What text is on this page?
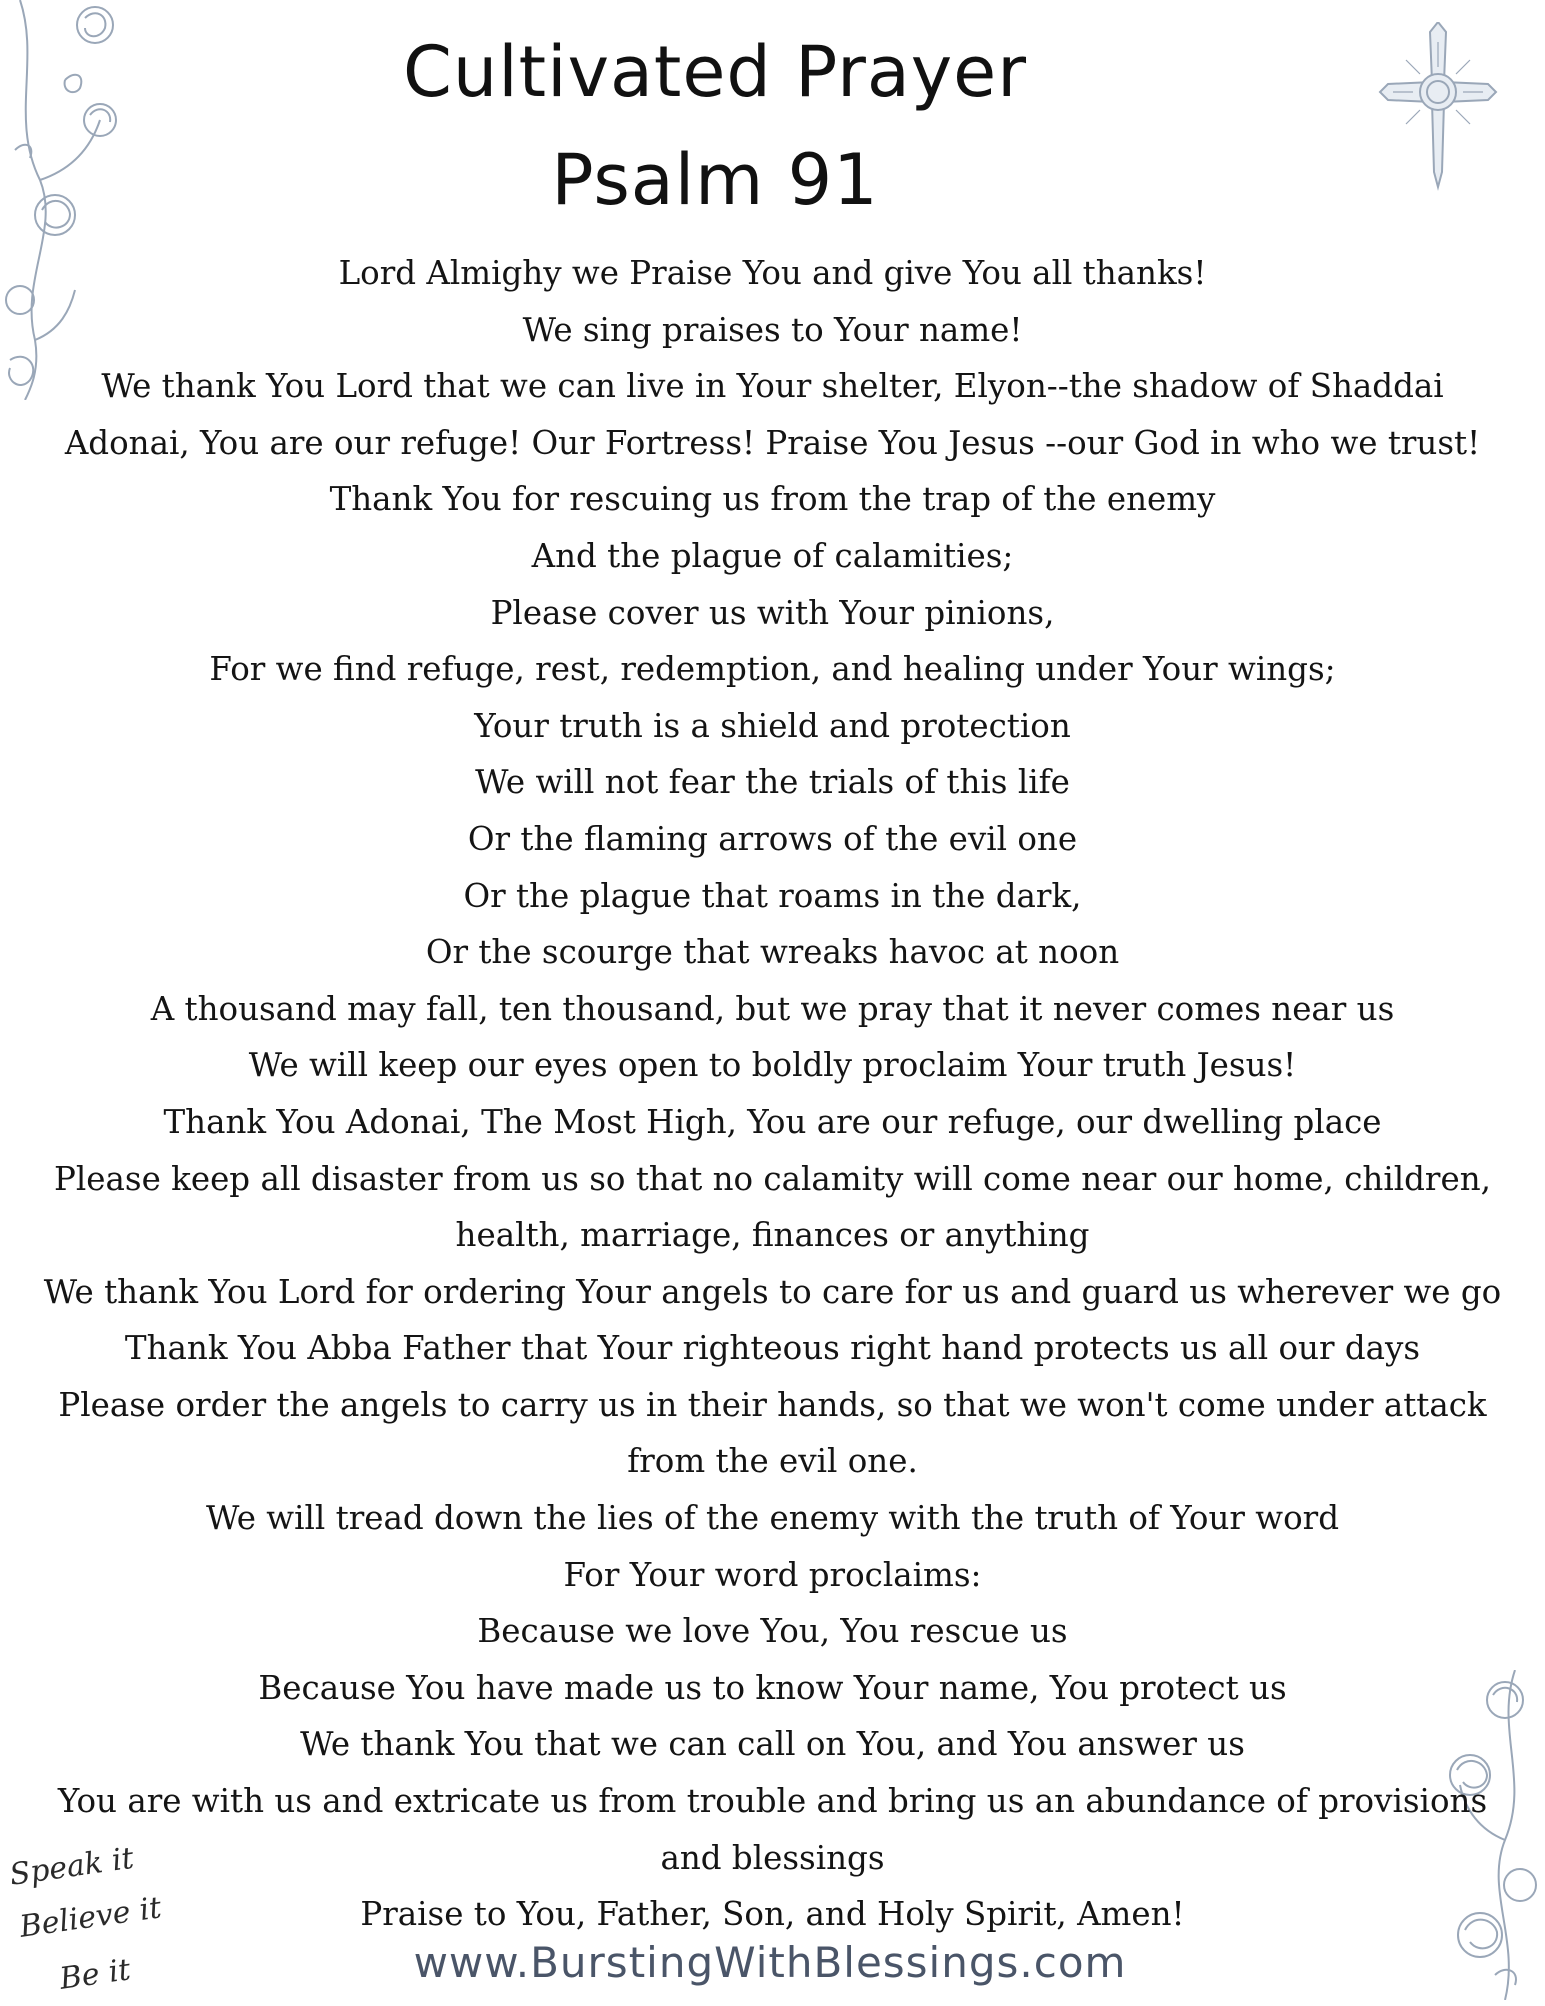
Cultivated Prayer
Psalm 91
Lord Almighy we Praise You and give You all thanks!
We sing praises to Your name!
We thank You Lord that we can live in Your shelter, Elyon--the shadow of Shaddai
Adonai, You are our refuge! Our Fortress! Praise You Jesus --our God in who we trust!
Thank You for rescuing us from the trap of the enemy
And the plague of calamities;
Please cover us with Your pinions,
For we find refuge, rest, redemption, and healing under Your wings;
Your truth is a shield and protection
We will not fear the trials of this life
Or the flaming arrows of the evil one
Or the plague that roams in the dark,
Or the scourge that wreaks havoc at noon
A thousand may fall, ten thousand, but we pray that it never comes near us
We will keep our eyes open to boldly proclaim Your truth Jesus!
Thank You Adonai, The Most High, You are our refuge, our dwelling place
Please keep all disaster from us so that no calamity will come near our home, children,
health, marriage, finances or anything
We thank You Lord for ordering Your angels to care for us and guard us wherever we go
Thank You Abba Father that Your righteous right hand protects us all our days
Please order the angels to carry us in their hands, so that we won't come under attack
from the evil one.
We will tread down the lies of the enemy with the truth of Your word
For Your word proclaims:
Because we love You, You rescue us
Because You have made us to know Your name, You protect us
We thank You that we can call on You, and You answer us
You are with us and extricate us from trouble and bring us an abundance of provisions
and blessings
Praise to You, Father, Son, and Holy Spirit, Amen!
Speak it
Believe it
Be it	www.BurstingWithBlessings.com
